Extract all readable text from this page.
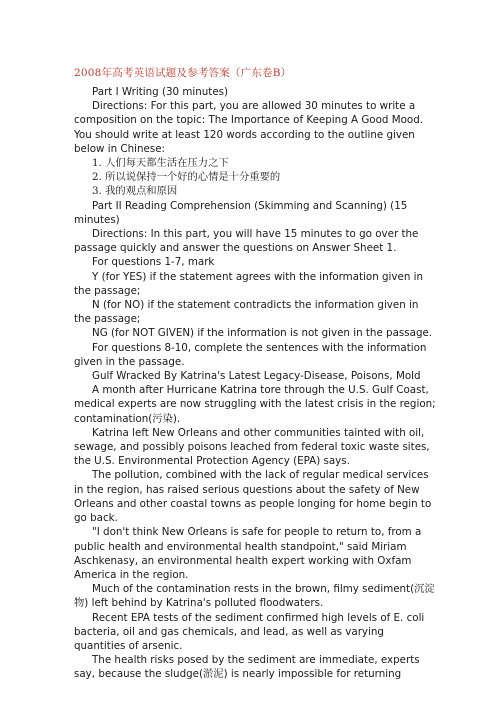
2008年高考英语试题及参考答案（广东卷B）
Part I Writing (30 minutes)
Directions: For this part, you are allowed 30 minutes to write a composition on the topic: The Importance of Keeping A Good Mood. You should write at least 120 words according to the outline given below in Chinese:
1. 人们每天都生活在压力之下
2. 所以说保持一个好的心情是十分重要的
3. 我的观点和原因
Part II Reading Comprehension (Skimming and Scanning) (15 minutes)
Directions: In this part, you will have 15 minutes to go over the passage quickly and answer the questions on Answer Sheet 1.
For questions 1-7, mark
Y (for YES) if the statement agrees with the information given in the passage;
N (for NO) if the statement contradicts the information given in the passage;
NG (for NOT GIVEN) if the information is not given in the passage.
For questions 8-10, complete the sentences with the information given in the passage.
Gulf Wracked By Katrina's Latest Legacy-Disease, Poisons, Mold
A month after Hurricane Katrina tore through the U.S. Gulf Coast, medical experts are now struggling with the latest crisis in the region; contamination(污染).
Katrina left New Orleans and other communities tainted with oil, sewage, and possibly poisons leached from federal toxic waste sites, the U.S. Environmental Protection Agency (EPA) says.
The pollution, combined with the lack of regular medical services in the region, has raised serious questions about the safety of New Orleans and other coastal towns as people longing for home begin to go back.
"I don't think New Orleans is safe for people to return to, from a public health and environmental health standpoint," said Miriam Aschkenasy, an environmental health expert working with Oxfam America in the region.
Much of the contamination rests in the brown, filmy sediment(沉淀物) left behind by Katrina's polluted floodwaters.
Recent EPA tests of the sediment confirmed high levels of E. coli bacteria, oil and gas chemicals, and lead, as well as varying quantities of arsenic.
The health risks posed by the sediment are immediate, experts say, because the sludge(淤泥) is nearly impossible for returning
